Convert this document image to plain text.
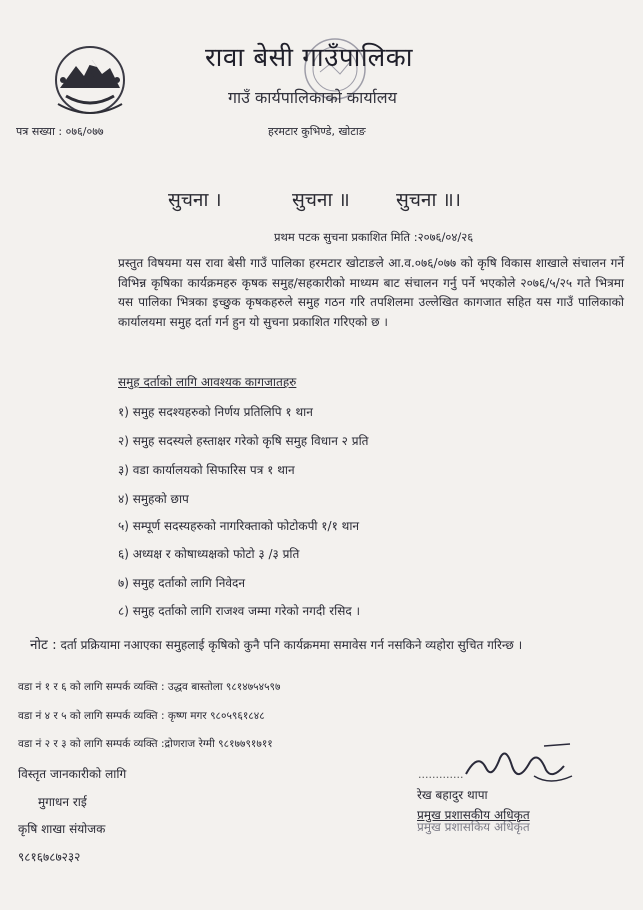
रावा बेसी गाउँपालिका
गाउँ कार्यपालिकाको कार्यालय
पत्र सख्या : ०७६/०७७	हरमटार कुभिण्डे, खोटाङ
सुचना ।	सुचना ॥ सुचना ॥।
प्रथम पटक सुचना प्रकाशित मिति :२०७६/०४/२६
प्रस्तुत विषयमा यस रावा बेसी गाउँ पालिका हरमटार खोटाङले आ.व.०७६/०७७ को कृषि विकास शाखाले संचालन गर्ने विभिन्न कृषिका कार्यक्रमहरु कृषक समुह/सहकारीको माध्यम बाट संचालन गर्नु पर्ने भएकोले २०७६/५/२५ गते भित्रमा यस पालिका भित्रका इच्छुक कृषकहरुले समुह गठन गरि तपशिलमा उल्लेखित कागजात सहित यस गाउँ पालिकाको कार्यालयमा समुह दर्ता गर्न हुन यो सुचना प्रकाशित गरिएको छ ।
समुह दर्ताको लागि आवश्यक कागजातहरु
१) समुह सदश्यहरुको निर्णय प्रतिलिपि १ थान
२) समुह सदस्यले हस्ताक्षर गरेको कृषि समुह विधान २ प्रति
३) वडा कार्यालयको सिफारिस पत्र १ थान
४) समुहको छाप
५) सम्पूर्ण सदस्यहरुको नागरिक्ताको फोटोकपी १/१ थान
६) अध्यक्ष र कोषाध्यक्षको फोटो ३ /३ प्रति
७) समुह दर्ताको लागि निवेदन
८) समुह दर्ताको लागि राजश्व जम्मा गरेको नगदी रसिद ।
नोट : दर्ता प्रक्रियामा नआएका समुहलाई कृषिको कुनै पनि कार्यक्रममा समावेस गर्न नसकिने व्यहोरा सुचित गरिन्छ ।
वडा नं १ र ६ को लागि सम्पर्क व्यक्ति : उद्धव बास्तोला ९८१४७५४५९७
वडा नं ४ र ५ को लागि सम्पर्क व्यक्ति : कृष्ण मगर ९८०५९६१८४८
वडा नं २ र ३ को लागि सम्पर्क व्यक्ति :द्रोणराज रेग्मी ९८१७७९१७११
विस्तृत जानकारीको लागि
मुगाधन राई
कृषि शाखा संयोजक
९८१६७८७२३२
.............
रेख बहादुर थापा
प्रमुख प्रशासकीय अधिकृत
प्रमुख प्रशासकिय अधिकृत
